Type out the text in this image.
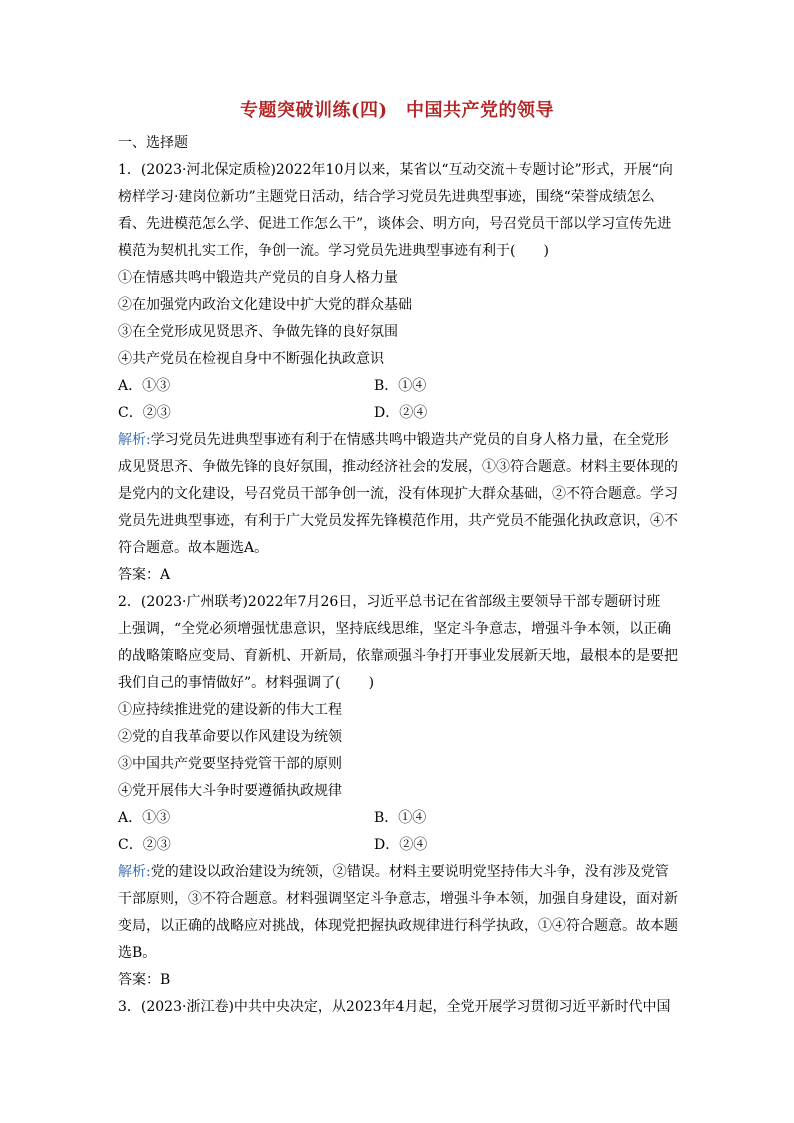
专题突破训练(四)　中国共产党的领导
一、选择题
1．(2023·河北保定质检)2022年10月以来，某省以“互动交流＋专题讨论”形式，开展“向
榜样学习·建岗位新功”主题党日活动，结合学习党员先进典型事迹，围绕“荣誉成绩怎么
看、先进模范怎么学、促进工作怎么干”，谈体会、明方向，号召党员干部以学习宣传先进
模范为契机扎实工作，争创一流。学习党员先进典型事迹有利于(　　)
①在情感共鸣中锻造共产党员的自身人格力量
②在加强党内政治文化建设中扩大党的群众基础
③在全党形成见贤思齐、争做先锋的良好氛围
④共产党员在检视自身中不断强化执政意识
A．①③	B．①④
C．②③	D．②④
解析:学习党员先进典型事迹有利于在情感共鸣中锻造共产党员的自身人格力量，在全党形
成见贤思齐、争做先锋的良好氛围，推动经济社会的发展，①③符合题意。材料主要体现的
是党内的文化建设，号召党员干部争创一流，没有体现扩大群众基础，②不符合题意。学习
党员先进典型事迹，有利于广大党员发挥先锋模范作用，共产党员不能强化执政意识，④不
符合题意。故本题选A。
答案：A
2．(2023·广州联考)2022年7月26日，习近平总书记在省部级主要领导干部专题研讨班
上强调，“全党必须增强忧患意识，坚持底线思维，坚定斗争意志，增强斗争本领，以正确
的战略策略应变局、育新机、开新局，依靠顽强斗争打开事业发展新天地，最根本的是要把
我们自己的事情做好”。材料强调了(　　)
①应持续推进党的建设新的伟大工程
②党的自我革命要以作风建设为统领
③中国共产党要坚持党管干部的原则
④党开展伟大斗争时要遵循执政规律
A．①③	B．①④
C．②③	D．②④
解析:党的建设以政治建设为统领，②错误。材料主要说明党坚持伟大斗争，没有涉及党管
干部原则，③不符合题意。材料强调坚定斗争意志，增强斗争本领，加强自身建设，面对新
变局，以正确的战略应对挑战，体现党把握执政规律进行科学执政，①④符合题意。故本题
选B。
答案：B
3．(2023·浙江卷)中共中央决定，从2023年4月起，全党开展学习贯彻习近平新时代中国
